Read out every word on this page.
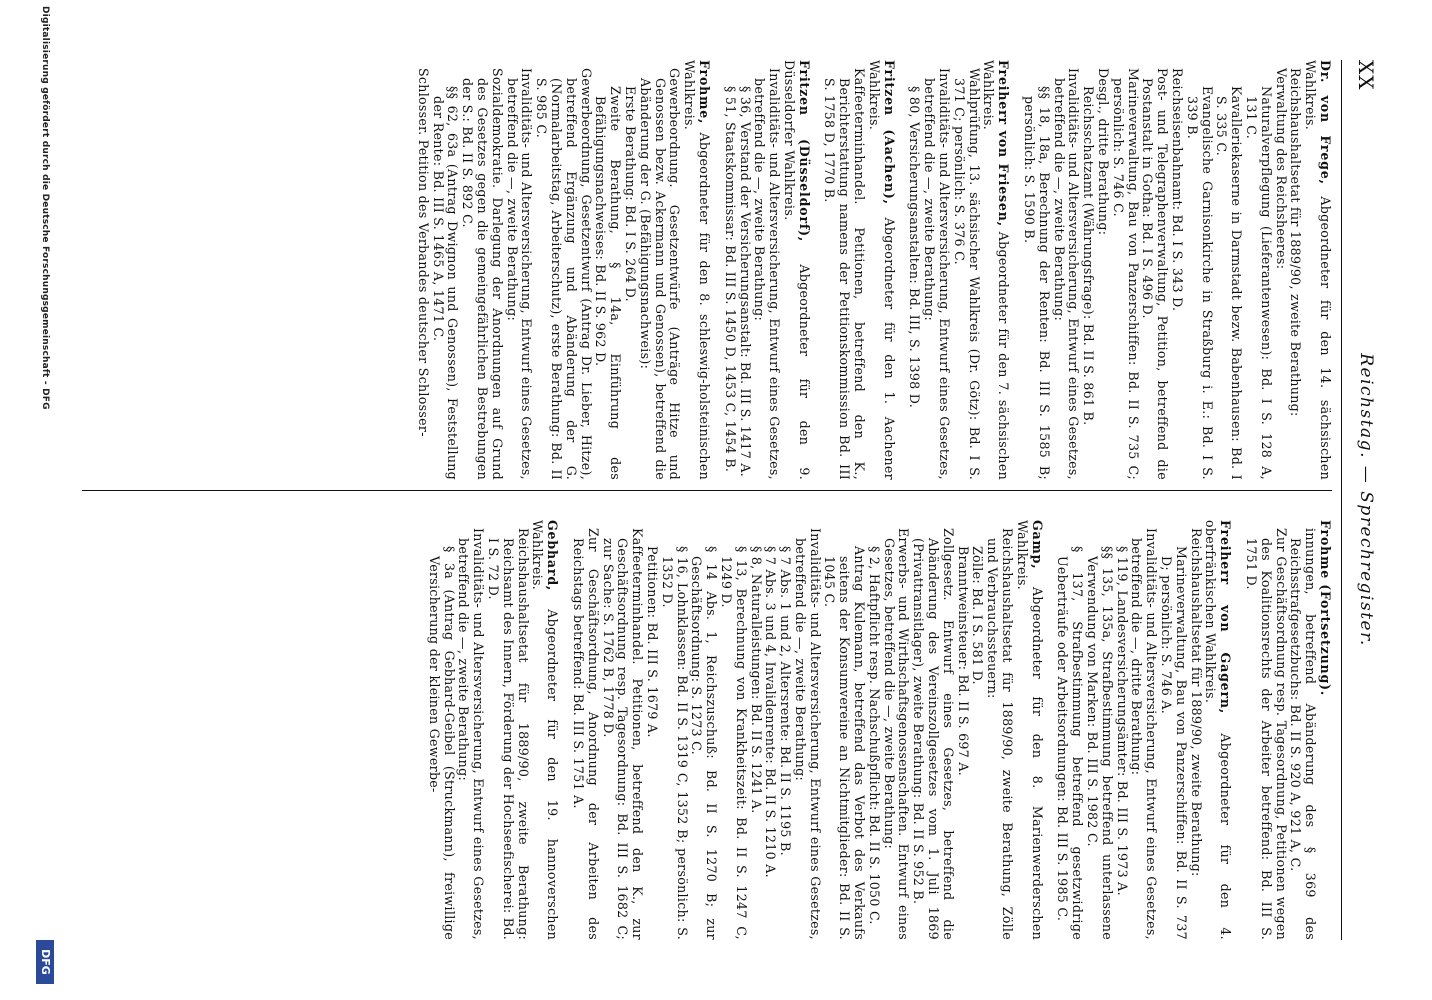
XX
Reichstag. — Sprechregister.
Dr. von Frege, Abgeordneter für den 14. sächsischen Wahlkreis.
Reichshaushaltsetat für 1889/90, zweite Berathung:
Verwaltung des Reichsheeres:
Naturalverpflegung (Lieferantenwesen): Bd. I S. 128 A, 131 C.
Kavalleriekaserne in Darmstadt bezw. Babenhausen: Bd. I S. 335 C.
Evangelische Garnisonkirche in Straßburg i. E.: Bd. I S. 339 B.
Reichseisenbahnamt: Bd. I S. 343 D.
Post- und Telegraphenverwaltung, Petition, betreffend die Postanstalt in Gotha: Bd. I S. 496 D.
Marineverwaltung, Bau von Panzerschiffen: Bd. II S. 735 C; persönlich: S. 746 C.
Desgl., dritte Berathung:
Reichsschatzamt (Währungsfrage): Bd. II S. 861 B.
Invaliditäts- und Altersversicherung, Entwurf eines Gesetzes, betreffend die —, zweite Berathung:
§§ 18, 18a, Berechnung der Renten: Bd. III S. 1585 B; persönlich: S. 1590 B.
Freiherr von Friesen, Abgeordneter für den 7. sächsischen Wahlkreis.
Wahlprüfung, 13. sächsischer Wahlkreis (Dr. Götz): Bd. I S. 371 C; persönlich: S. 376 C.
Invaliditäts- und Altersversicherung, Entwurf eines Gesetzes, betreffend die —, zweite Berathung:
§ 80, Versicherungsanstalten: Bd. III, S. 1398 D.
Fritzen (Aachen), Abgeordneter für den 1. Aachener Wahlkreis.
Kaffeeterminhandel. Petitionen, betreffend den K., Berichterstattung namens der Petitionskommission Bd. III S. 1758 D, 1770 B.
Fritzen (Düsseldorf), Abgeordneter für den 9. Düsseldorfer Wahlkreis.
Invaliditäts- und Altersversicherung, Entwurf eines Gesetzes, betreffend die —, zweite Berathung:
§ 36, Verstand der Versicherungsanstalt: Bd. III S. 1417 A.
§ 51, Staatskommissar: Bd. III S. 1450 D, 1453 C, 1454 B.
Frohme, Abgeordneter für den 8. schleswig-holsteinischen Wahlkreis.
Gewerbeordnung. Gesetzentwürfe (Anträge Hitze und Genossen bezw. Ackermann und Genossen), betreffend die Abänderung der G. (Befähigungsnachweis):
Erste Berathung: Bd. I S. 264 D.
Zweite Berathung, § 14a, Einführung des Befähigungsnachweises: Bd. II S. 962 D.
Gewerbeordnung, Gesetzentwurf (Antrag Dr. Lieber, Hitze), betreffend Ergänzung und Abänderung der G. (Normalarbeitstag, Arbeiterschutz), erste Berathung: Bd. II S. 985 C.
Invaliditäts- und Altersversicherung, Entwurf eines Gesetzes, betreffend die —, zweite Berathung:
Sozialdemokratie. Darlegung der Anordnungen auf Grund des Gesetzes gegen die gemeingefährlichen Bestrebungen der S.: Bd. II S. 892 C.
§§ 62, 63a (Antrag Dwignon und Genossen), Feststellung der Rente: Bd. III S. 1465 A, 1471 C.
Schlosser. Petition des Verbandes deutscher Schlosser-
Frohme (Fortsetzung).
innungen, betreffend Abänderung des § 369 des Reichsstrafgesetzbuchs: Bd. II S. 920 A, 921 A, C.
Zur Geschäftsordnung resp. Tagesordnung, Petitionen wegen des Koalitionsrechts der Arbeiter betreffend: Bd. III S. 1751 D.
Freiherr von Gagern, Abgeordneter für den 4. oberfränkischen Wahlkreis.
Reichshaushaltsetat für 1889/90, zweite Berathung:
Marineverwaltung, Bau von Panzerschiffen: Bd. II S. 737 D; persönlich: S. 746 A.
Invaliditäts- und Altersversicherung, Entwurf eines Gesetzes, betreffend die —, dritte Berathung:
§ 119, Landesversicherungsämter: Bd. III S. 1973 A.
§§ 135, 135a, Strafbestimmung betreffend unterlassene Verwendung von Marken: Bd. III S. 1982 C.
§ 137, Strafbestimmung betreffend gesetzwidrige Ueberträufe oder Arbeitsordnungen: Bd. III S. 1985 C.
Gamp, Abgeordneter für den 8. Marienwerderschen Wahlkreis.
Reichshaushaltsetat für 1889/90, zweite Berathung, Zölle und Verbrauchssteuern:
Zölle: Bd. I S. 581 D.
Branntweinsteuer: Bd. II S. 697 A.
Zollgesetz. Entwurf eines Gesetzes, betreffend die Abänderung des Vereinszollgesetzes vom 1. Juli 1869 (Privattransitlager), zweite Berathung: Bd. II S. 952 B.
Erwerbs- und Wirthschaftsgenossenschaften. Entwurf eines Gesetzes, betreffend die —, zweite Berathung:
§ 2, Haftpflicht resp. Nachschußpflicht: Bd. II S. 1050 C.
Antrag Kulemann, betreffend das Verbot des Verkaufs seitens der Konsumvereine an Nichtmitglieder: Bd. II S. 1045 C.
Invaliditäts- und Altersversicherung, Entwurf eines Gesetzes, betreffend die —, zweite Berathung:
§ 7 Abs. 1 und 2, Altersrente: Bd. II S. 1195 B.
§ 7 Abs. 3 und 4, Invalidenrente: Bd. II S. 1210 A.
§ 8, Naturalleistungen: Bd. II S. 1241 A.
§ 13, Berechnung von Krankheitszeit: Bd. II S. 1247 C, 1249 D.
§ 14 Abs. 1, Reichszuschuß: Bd. II S. 1270 B; zur Geschäftsordnung: S. 1273 C.
§ 16, Lohnklassen: Bd. II S. 1319 C, 1352 B; persönlich: S. 1352 D.
Petitionen: Bd. III S. 1679 A.
Kaffeeterminhandel. Petitionen, betreffend den K., zur Geschäftsordnung resp. Tagesordnung: Bd. III S. 1682 C; zur Sache: S. 1762 B, 1778 D.
Zur Geschäftsordnung, Anordnung der Arbeiten des Reichstags betreffend: Bd. III S. 1751 A.
Gebhard, Abgeordneter für den 19. hannoverschen Wahlkreis.
Reichshaushaltsetat für 1889/90, zweite Berathung: Reichsamt des Innern, Förderung der Hochseefischerei: Bd. I S. 72 D.
Invaliditäts- und Altersversicherung, Entwurf eines Gesetzes, betreffend die —, zweite Berathung:
§ 3a (Antrag Gebhard-Geibel (Struckmann), freiwillige Versicherung der kleinen Gewerbe-
Digitalisierung gefördert durch die Deutsche Forschungsgemeinschaft - DFG
DFG
